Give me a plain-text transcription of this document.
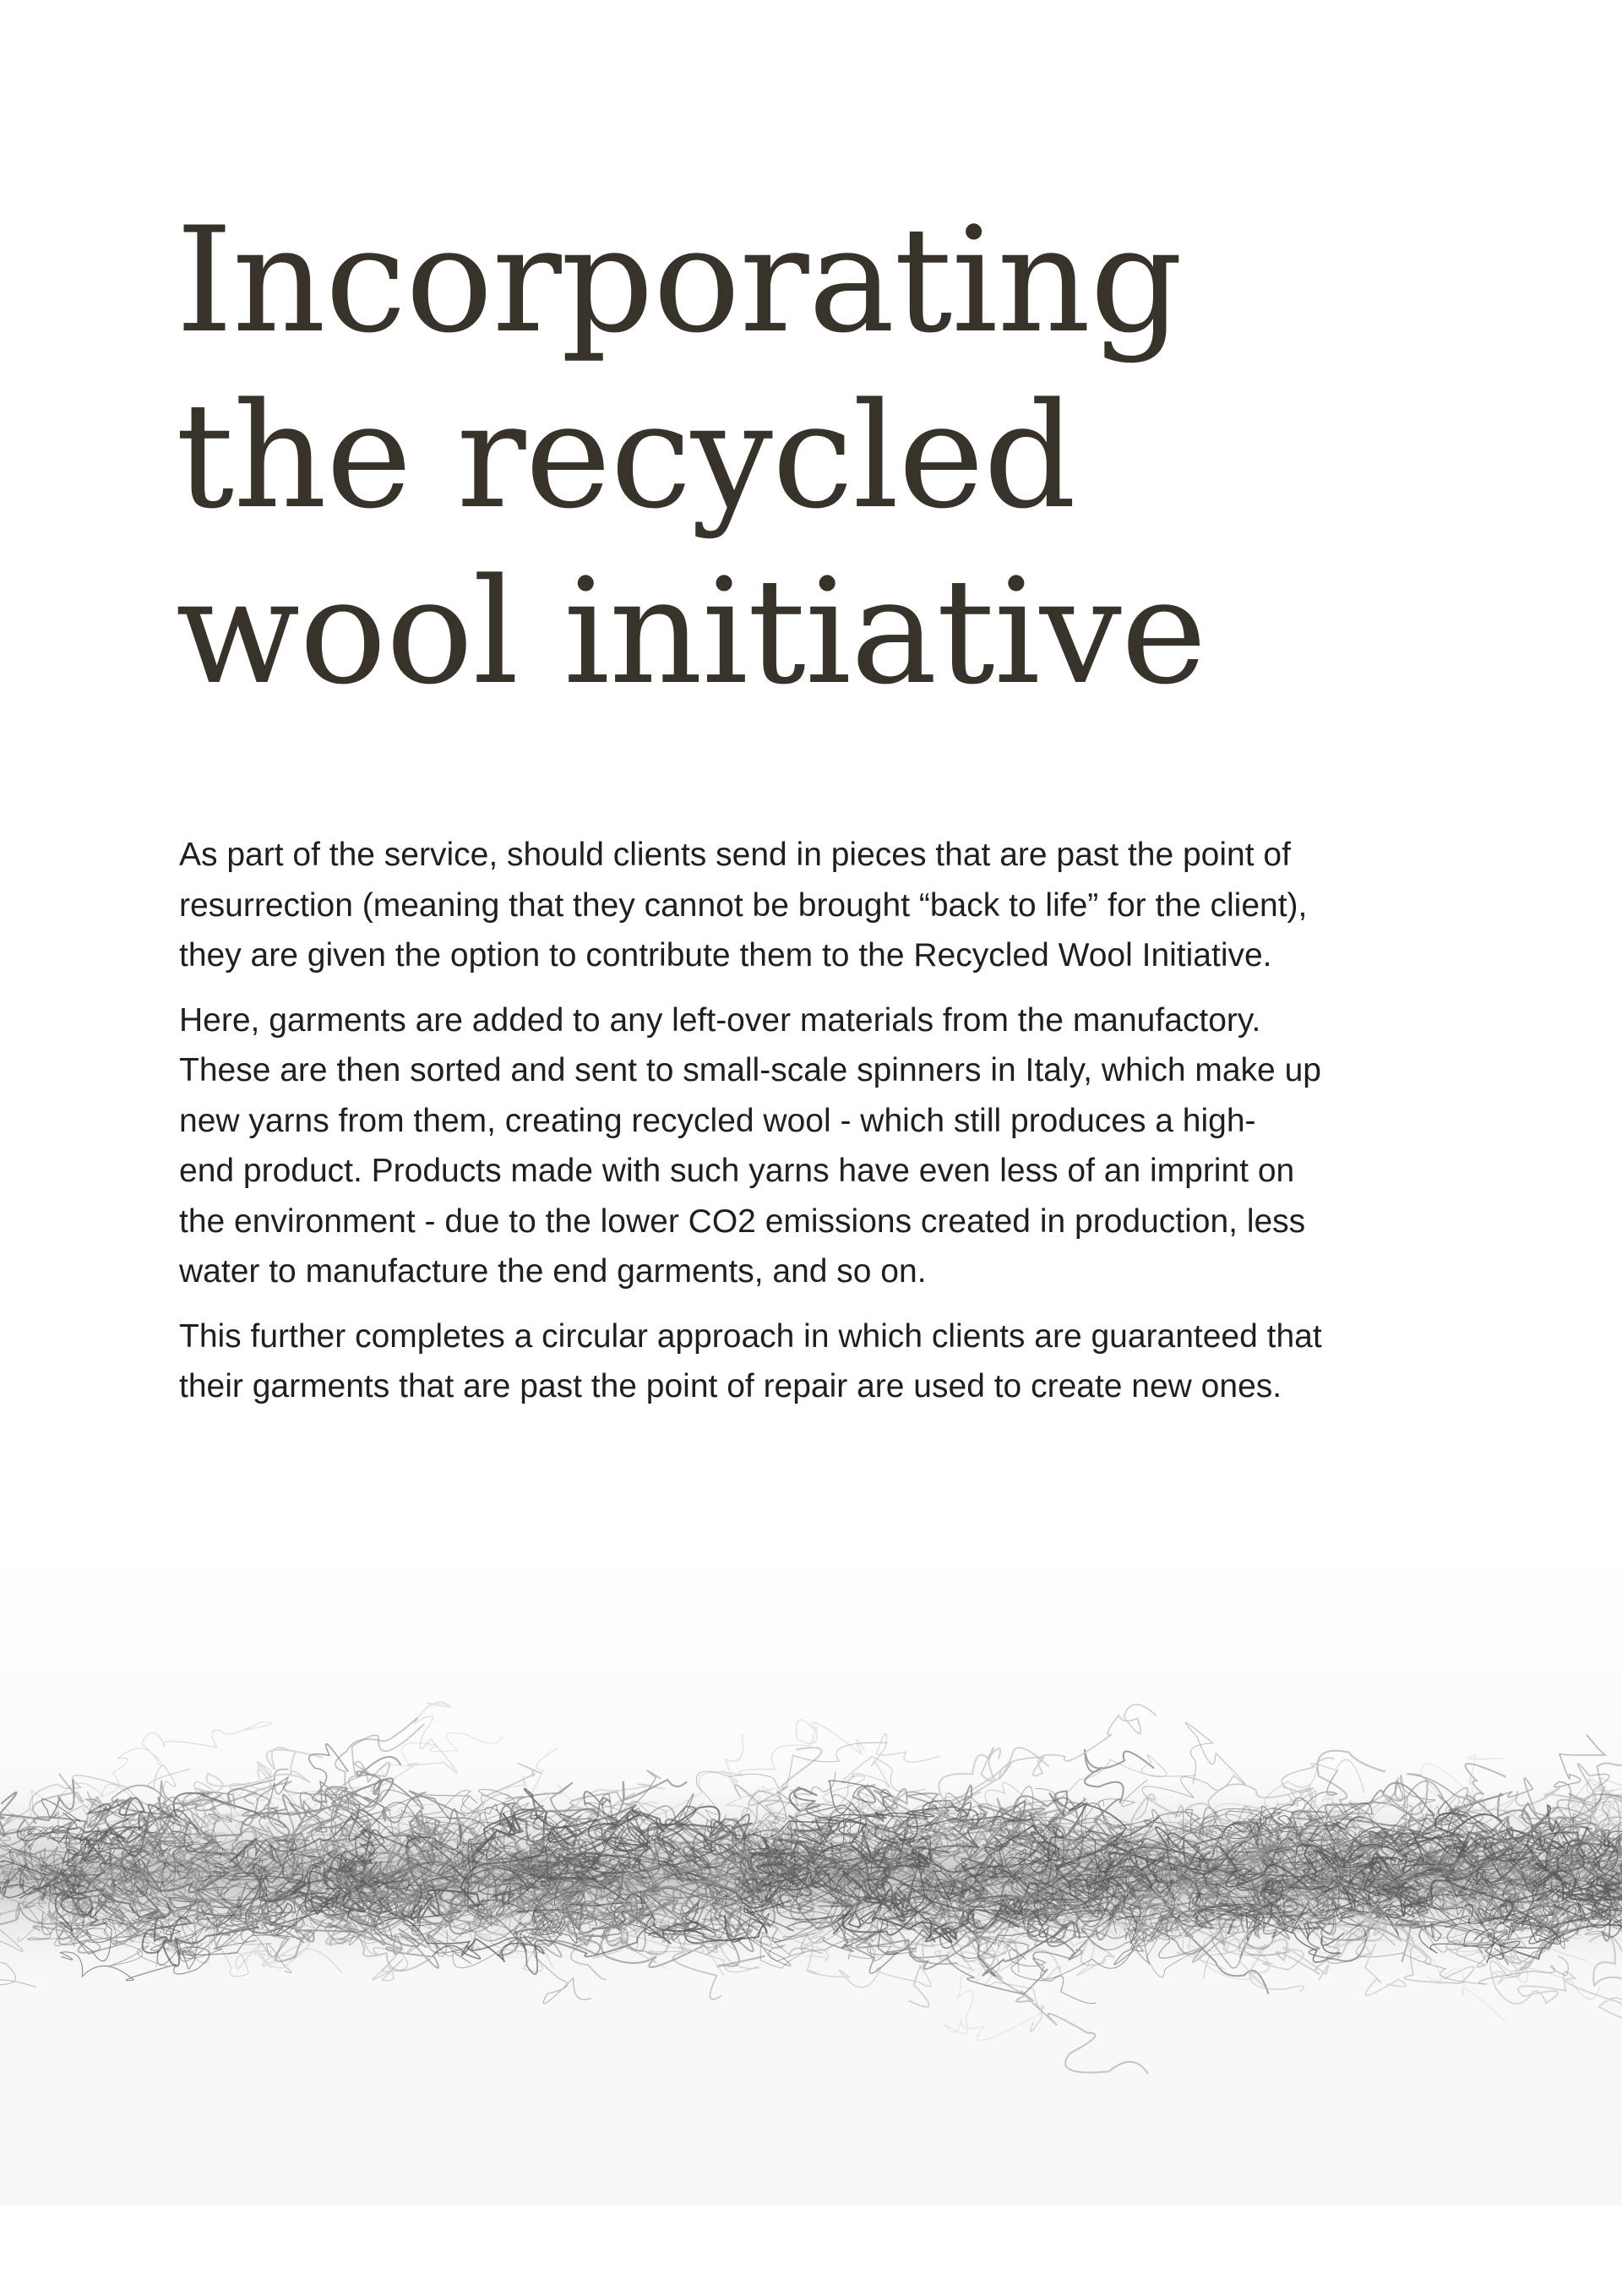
Incorporating
the recycled
wool initiative

As part of the service, should clients send in pieces that are past the point of
resurrection (meaning that they cannot be brought “back to life” for the client),
they are given the option to contribute them to the Recycled Wool Initiative.

Here, garments are added to any left-over materials from the manufactory.
These are then sorted and sent to small-scale spinners in Italy, which make up
new yarns from them, creating recycled wool - which still produces a high-
end product. Products made with such yarns have even less of an imprint on
the environment - due to the lower CO2 emissions created in production, less
water to manufacture the end garments, and so on.

This further completes a circular approach in which clients are guaranteed that
their garments that are past the point of repair are used to create new ones.
